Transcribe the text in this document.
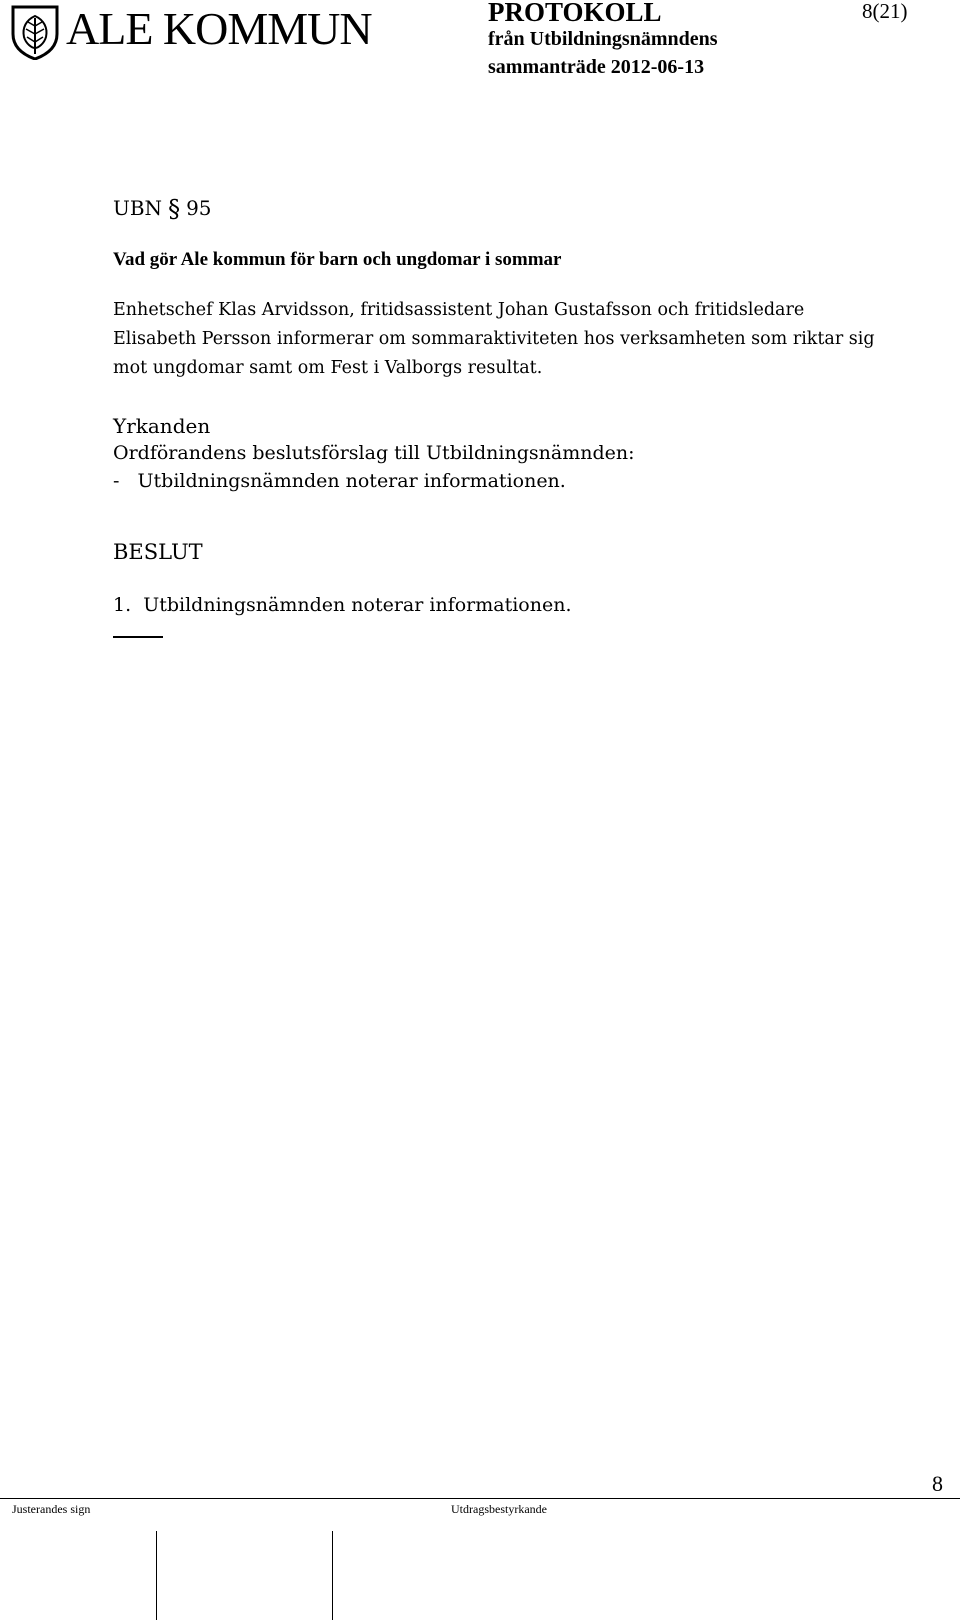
ALE KOMMUN	PROTOKOLL
från Utbildningsnämndens
sammanträde 2012-06-13
8(21)
UBN § 95
Vad gör Ale kommun för barn och ungdomar i sommar
Enhetschef Klas Arvidsson, fritidsassistent Johan Gustafsson och fritidsledare
Elisabeth Persson informerar om sommaraktiviteten hos verksamheten som riktar sig
mot ungdomar samt om Fest i Valborgs resultat.
Yrkanden
Ordförandens beslutsförslag till Utbildningsnämnden:
-   Utbildningsnämnden noterar informationen.
BESLUT
1.  Utbildningsnämnden noterar informationen.
8
Justerandes sign	Utdragsbestyrkande
